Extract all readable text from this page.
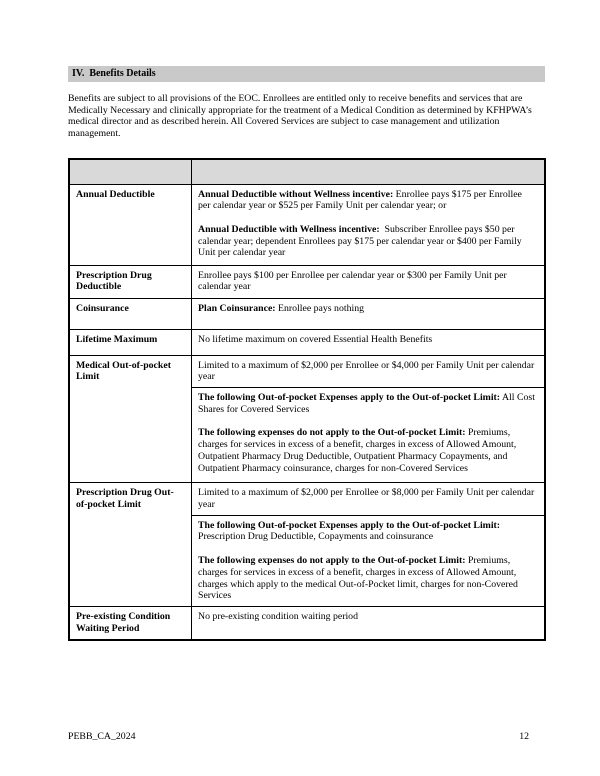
IV.  Benefits Details
Benefits are subject to all provisions of the EOC. Enrollees are entitled only to receive benefits and services that are Medically Necessary and clinically appropriate for the treatment of a Medical Condition as determined by KFHPWA’s medical director and as described herein. All Covered Services are subject to case management and utilization management.

Annual Deductible	Annual Deductible without Wellness incentive: Enrollee pays $175 per Enrollee per calendar year or $525 per Family Unit per calendar year; or

Annual Deductible with Wellness incentive:  Subscriber Enrollee pays $50 per calendar year; dependent Enrollees pay $175 per calendar year or $400 per Family Unit per calendar year

Prescription Drug Deductible	Enrollee pays $100 per Enrollee per calendar year or $300 per Family Unit per calendar year

Coinsurance	Plan Coinsurance: Enrollee pays nothing

Lifetime Maximum	No lifetime maximum on covered Essential Health Benefits

Medical Out-of-pocket Limit	Limited to a maximum of $2,000 per Enrollee or $4,000 per Family Unit per calendar year

	The following Out-of-pocket Expenses apply to the Out-of-pocket Limit: All Cost Shares for Covered Services

The following expenses do not apply to the Out-of-pocket Limit: Premiums, charges for services in excess of a benefit, charges in excess of Allowed Amount, Outpatient Pharmacy Drug Deductible, Outpatient Pharmacy Copayments, and Outpatient Pharmacy coinsurance, charges for non-Covered Services

Prescription Drug Out-of-pocket Limit	Limited to a maximum of $2,000 per Enrollee or $8,000 per Family Unit per calendar year

	The following Out-of-pocket Expenses apply to the Out-of-pocket Limit: Prescription Drug Deductible, Copayments and coinsurance

The following expenses do not apply to the Out-of-pocket Limit: Premiums, charges for services in excess of a benefit, charges in excess of Allowed Amount, charges which apply to the medical Out-of-Pocket limit, charges for non-Covered Services

Pre-existing Condition Waiting Period	No pre-existing condition waiting period

PEBB_CA_2024	12
